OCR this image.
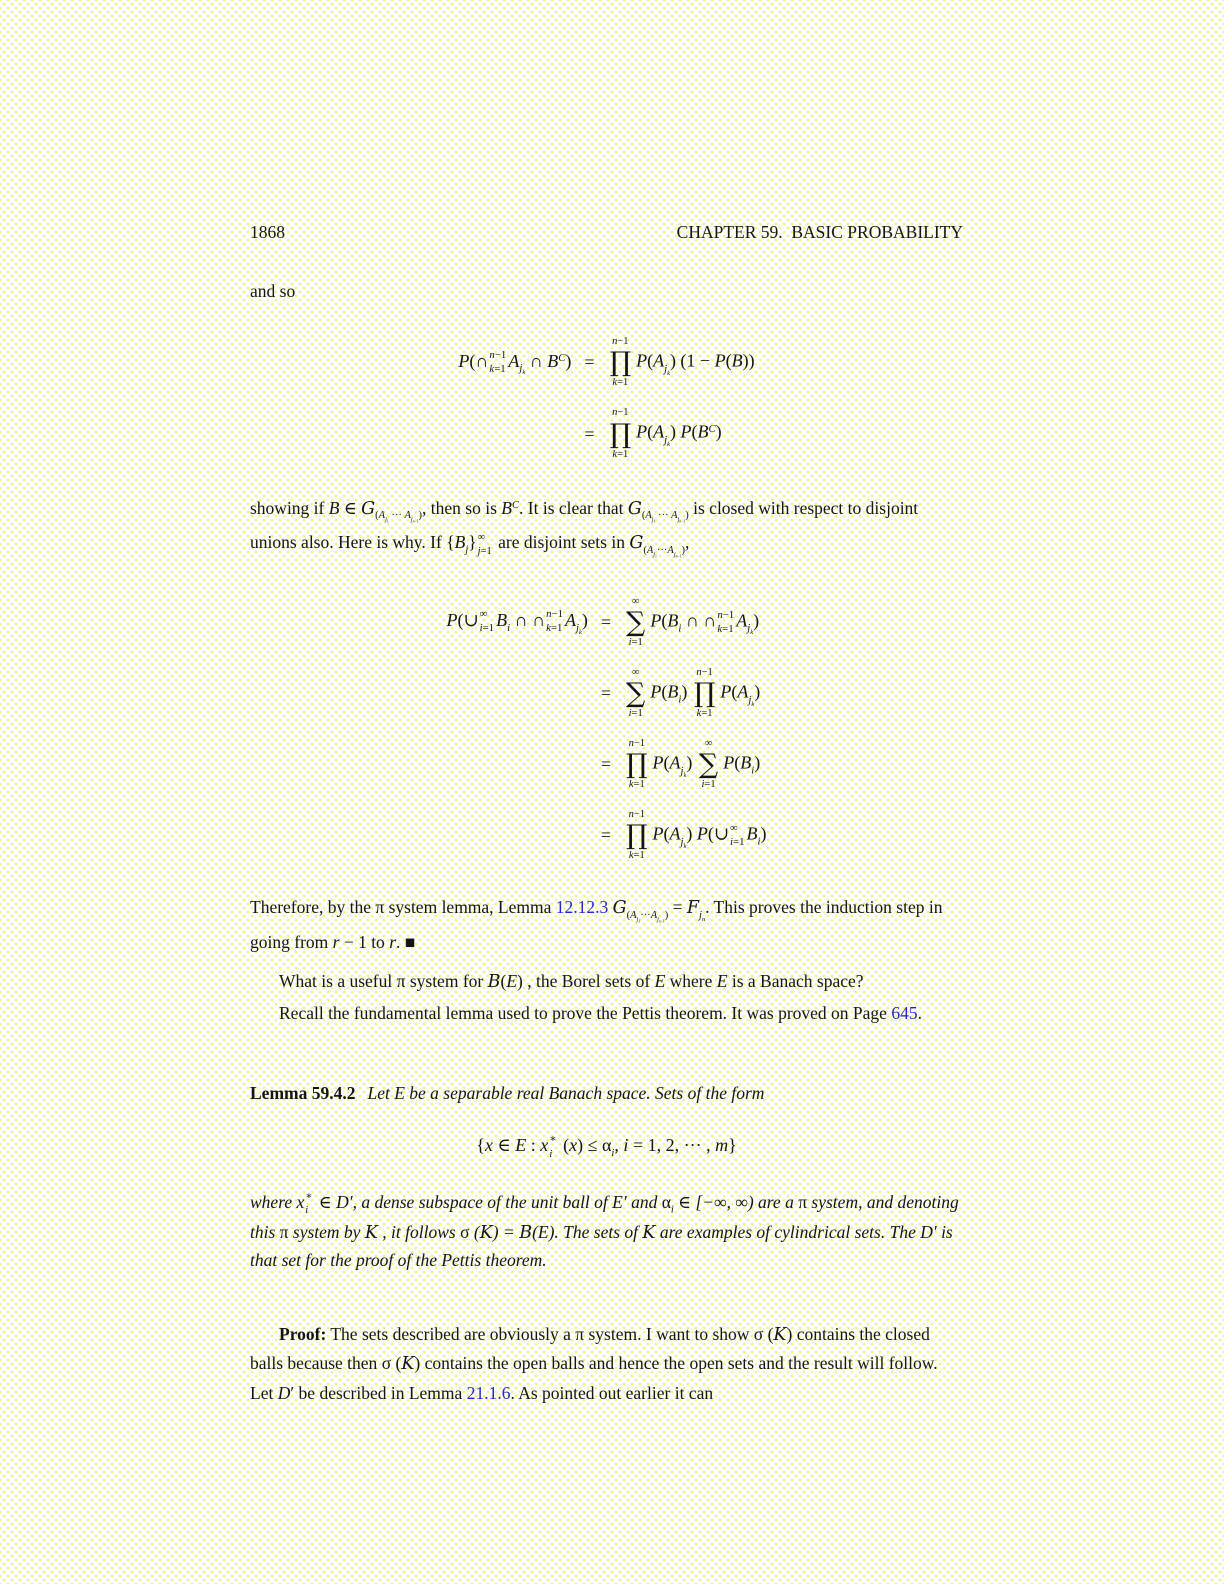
1868	CHAPTER 59.  BASIC PROBABILITY

and so

P(∩ n−1
k=1 $A_{j_k}$ ∩ $B^C$)	=	n−1
∏
k=1
$P(A_{j_k}) (1 - P(B))$
	=	n−1
∏
k=1
$P(A_{j_k})$ $P(B^C)$

showing if B ∈ $G_{(A_{j_1} \cdot\cdot\cdot A_{j_{n-1}})}$, then so is $B^C$. It is clear that $G_{(A_{j_1} \cdot\cdot\cdot A_{j_{n-1}})}$ is closed with respect to disjoint unions also. Here is why. If $\{B_j\}$ ∞
j=1 are disjoint sets in $G_{(A_{j_1}\cdot\cdot\cdot A_{j_{n-1}})}$,

P(∪ ∞
i=1 $B_i$ ∩ ∩ n−1
k=1 $A_{j_k}$)	=	
∞
∑
i=1
$P(B_i$ ∩ ∩ n−1
k=1 $A_{j_k}$)
	=	
∞
∑
i=1
$P(B_i)$
n−1
∏
k=1
$P(A_{j_k})$
	=	
n−1
∏
k=1
$P(A_{j_k})$
∞
∑
i=1
$P(B_i)$
	=	
n−1
∏
k=1
$P(A_{j_k})$ P(∪ ∞
i=1 $B_i$)

Therefore, by the π system lemma, Lemma 12.12.3 $G_{(A_{j_1}\cdot\cdot\cdot A_{j_{n-1}})} = F_{j_n}$. This proves the induction step in going from r − 1 to r. ■

What is a useful π system for B(E) , the Borel sets of E where E is a Banach space?

Recall the fundamental lemma used to prove the Pettis theorem. It was proved on Page 645.

Lemma 59.4.2 Let E be a separable real Banach space. Sets of the form

{x ∈ E : x ∗
i $(x) \le \alpha_i$, i = 1, 2, ··· , m}

where x ∗
i ∈ D′, a dense subspace of the unit ball of E′ and $\alpha_i$ ∈ [−∞, ∞) are a π system, and denoting this π system by K , it follows σ (K) = B(E). The sets of K are examples of cylindrical sets. The D′ is that set for the proof of the Pettis theorem.

Proof: The sets described are obviously a π system. I want to show σ (K) contains the closed balls because then σ (K) contains the open balls and hence the open sets and the result will follow. Let D′ be described in Lemma 21.1.6. As pointed out earlier it can
